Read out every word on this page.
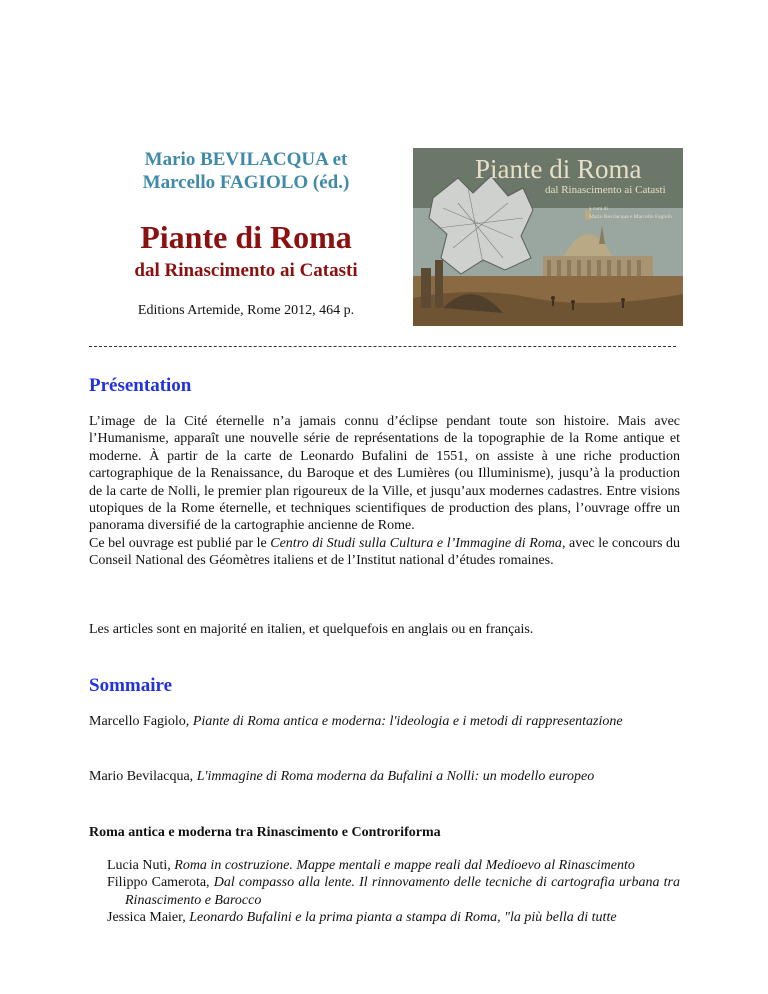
Mario BEVILACQUA et
Marcello FAGIOLO (éd.)
Piante di Roma
dal Rinascimento ai Catasti
Editions Artemide, Rome 2012, 464 p.
Piante di Roma
dal Rinascimento ai Catasti
a cura di
Mario Bevilacqua e Marcello Fagiolo
Présentation

L’image de la Cité éternelle n’a jamais connu d’éclipse pendant toute son histoire. Mais avec l’Humanisme, apparaît une nouvelle série de représentations de la topographie de la Rome antique et moderne. À partir de la carte de Leonardo Bufalini de 1551, on assiste à une riche production cartographique de la Renaissance, du Baroque et des Lumières (ou Illuminisme), jusqu’à la production de la carte de Nolli, le premier plan rigoureux de la Ville, et jusqu’aux modernes cadastres. Entre visions utopiques de la Rome éternelle, et techniques scientifiques de production des plans, l’ouvrage offre un panorama diversifié de la cartographie ancienne de Rome.

Ce bel ouvrage est publié par le Centro di Studi sulla Cultura e l’Immagine di Roma, avec le concours du Conseil National des Géomètres italiens et de l’Institut national d’études romaines.

Les articles sont en majorité en italien, et quelquefois en anglais ou en français.
Sommaire
Marcello Fagiolo, Piante di Roma antica e moderna: l'ideologia e i metodi di rappresentazione
Mario Bevilacqua, L'immagine di Roma moderna da Bufalini a Nolli: un modello europeo
Roma antica e moderna tra Rinascimento e Controriforma
Lucia Nuti, Roma in costruzione. Mappe mentali e mappe reali dal Medioevo al Rinascimento
Filippo Camerota, Dal compasso alla lente. Il rinnovamento delle tecniche di cartografia urbana tra Rinascimento e Barocco
Jessica Maier, Leonardo Bufalini e la prima pianta a stampa di Roma, "la più bella di tutte
